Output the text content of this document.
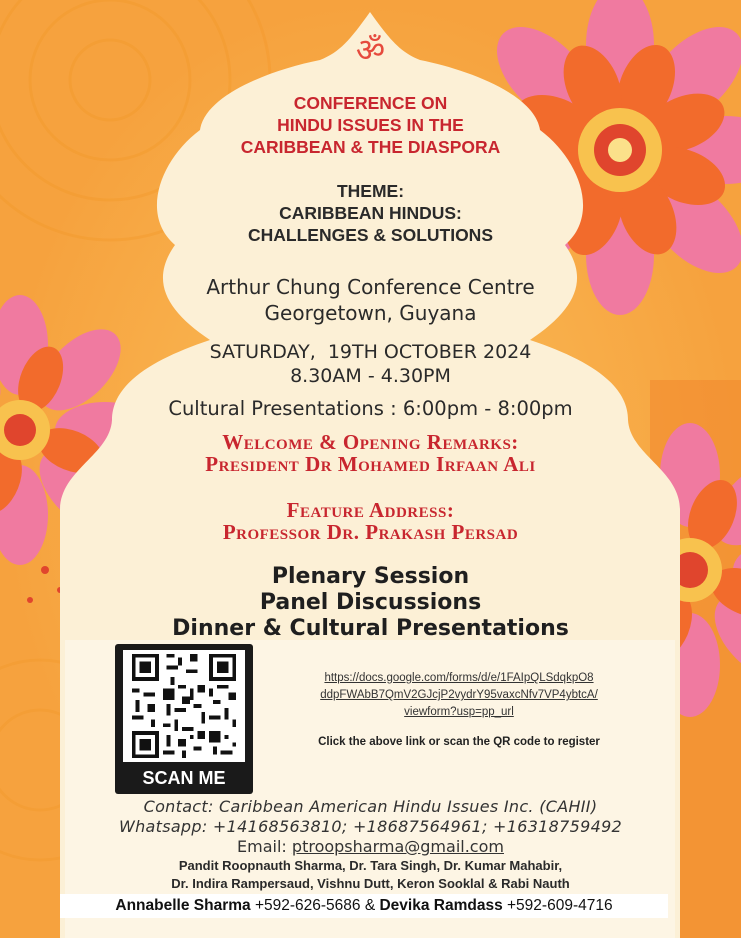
ॐ
CONFERENCE ON
HINDU ISSUES IN THE
CARIBBEAN & THE DIASPORA
THEME:
CARIBBEAN HINDUS:
CHALLENGES & SOLUTIONS
Arthur Chung Conference Centre
Georgetown, Guyana
SATURDAY,  19TH OCTOBER 2024
8.30AM - 4.30PM
Cultural Presentations : 6:00pm - 8:00pm
Welcome & Opening Remarks:
President Dr Mohamed Irfaan Ali
Feature Address:
Professor Dr. Prakash Persad
Plenary Session
Panel Discussions
Dinner & Cultural Presentations
SCAN ME
https://docs.google.com/forms/d/e/1FAIpQLSdqkpO8
ddpFWAbB7QmV2GJcjP2vydrY95vaxcNfv7VP4ybtcA/
viewform?usp=pp_url
Click the above link or scan the QR code to register
Contact: Caribbean American Hindu Issues Inc. (CAHII)
Whatsapp: +14168563810; +18687564961; +16318759492
Email: ptroopsharma@gmail.com
Pandit Roopnauth Sharma, Dr. Tara Singh, Dr. Kumar Mahabir,
Dr. Indira Rampersaud, Vishnu Dutt, Keron Sooklal & Rabi Nauth
Annabelle Sharma +592-626-5686 & Devika Ramdass +592-609-4716
